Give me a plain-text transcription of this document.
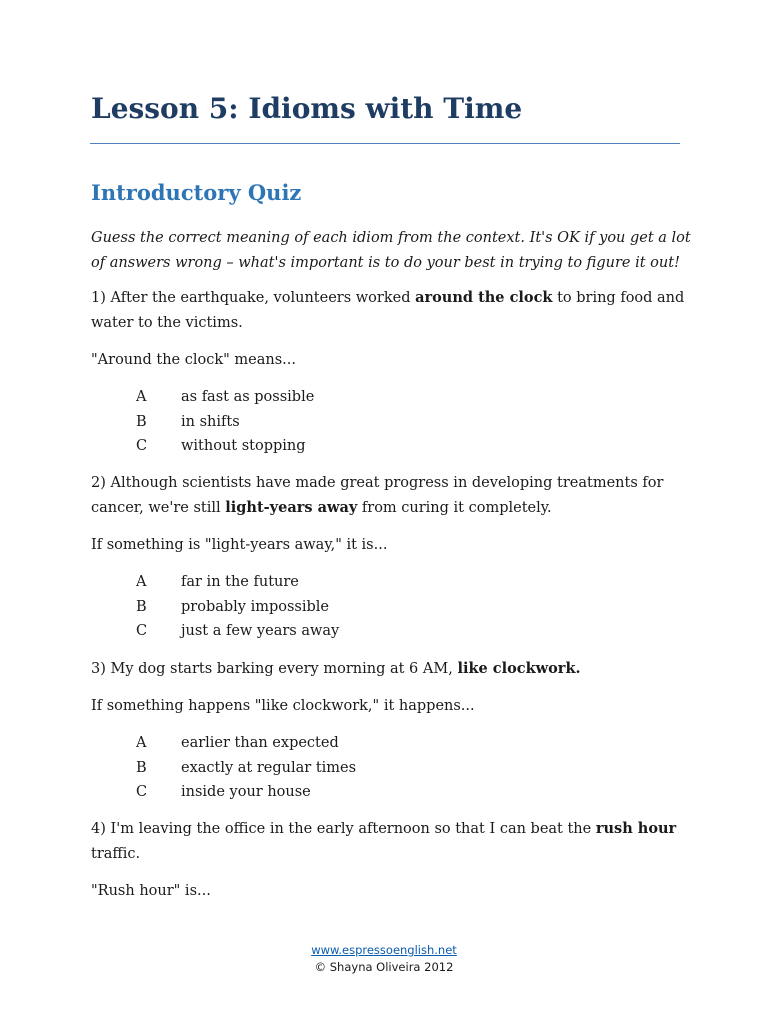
Lesson 5: Idioms with Time
Introductory Quiz
Guess the correct meaning of each idiom from the context. It's OK if you get a lot of answers wrong – what's important is to do your best in trying to figure it out!
1) After the earthquake, volunteers worked around the clock to bring food and water to the victims.
"Around the clock" means...
A	as fast as possible
B	in shifts
C	without stopping
2) Although scientists have made great progress in developing treatments for cancer, we're still light-years away from curing it completely.
If something is "light-years away," it is...
A	far in the future
B	probably impossible
C	just a few years away
3) My dog starts barking every morning at 6 AM, like clockwork.
If something happens "like clockwork," it happens...
A	earlier than expected
B	exactly at regular times
C	inside your house
4) I'm leaving the office in the early afternoon so that I can beat the rush hour traffic.
"Rush hour" is...
www.espressoenglish.net
© Shayna Oliveira 2012
